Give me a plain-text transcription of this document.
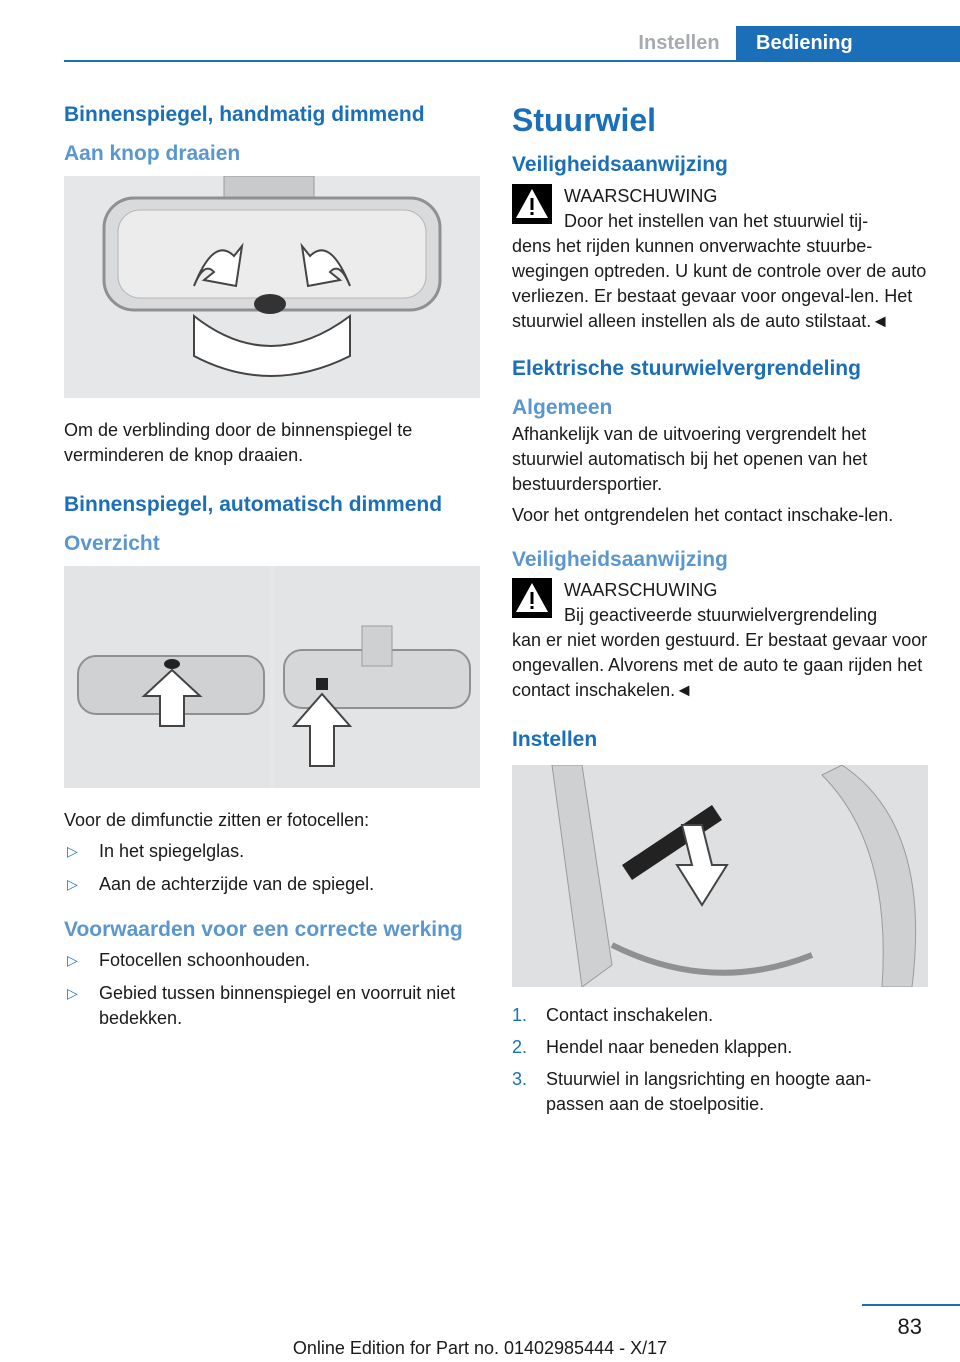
Instellen	Bediening
Binnenspiegel, handmatig dimmend
Aan knop draaien

Om de verblinding door de binnenspiegel te verminderen de knop draaien.

Binnenspiegel, automatisch dimmend
Overzicht

Voor de dimfunctie zitten er fotocellen:

▷ In het spiegelglas.
▷ Aan de achterzijde van de spiegel.
Voorwaarden voor een correcte werking
▷ Fotocellen schoonhouden.
▷ Gebied tussen binnenspiegel en voorruit niet bedekken.
Stuurwiel
Veiligheidsaanwijzing
WAARSCHUWING
Door het instellen van het stuurwiel tij-
dens het rijden kunnen onverwachte stuurbe-wegingen optreden. U kunt de controle over de auto verliezen. Er bestaat gevaar voor ongeval-len. Het stuurwiel alleen instellen als de auto stilstaat.◄
Elektrische stuurwielvergrendeling
Algemeen

Afhankelijk van de uitvoering vergrendelt het stuurwiel automatisch bij het openen van het bestuurdersportier.

Voor het ontgrendelen het contact inschake-len.

Veiligheidsaanwijzing
WAARSCHUWING
Bij geactiveerde stuurwielvergrendeling
kan er niet worden gestuurd. Er bestaat gevaar voor ongevallen. Alvorens met de auto te gaan rijden het contact inschakelen.◄
Instellen
1. Contact inschakelen.
2. Hendel naar beneden klappen.
3. Stuurwiel in langsrichting en hoogte aan-passen aan de stoelpositie.
83
Online Edition for Part no. 01402985444 - X/17
